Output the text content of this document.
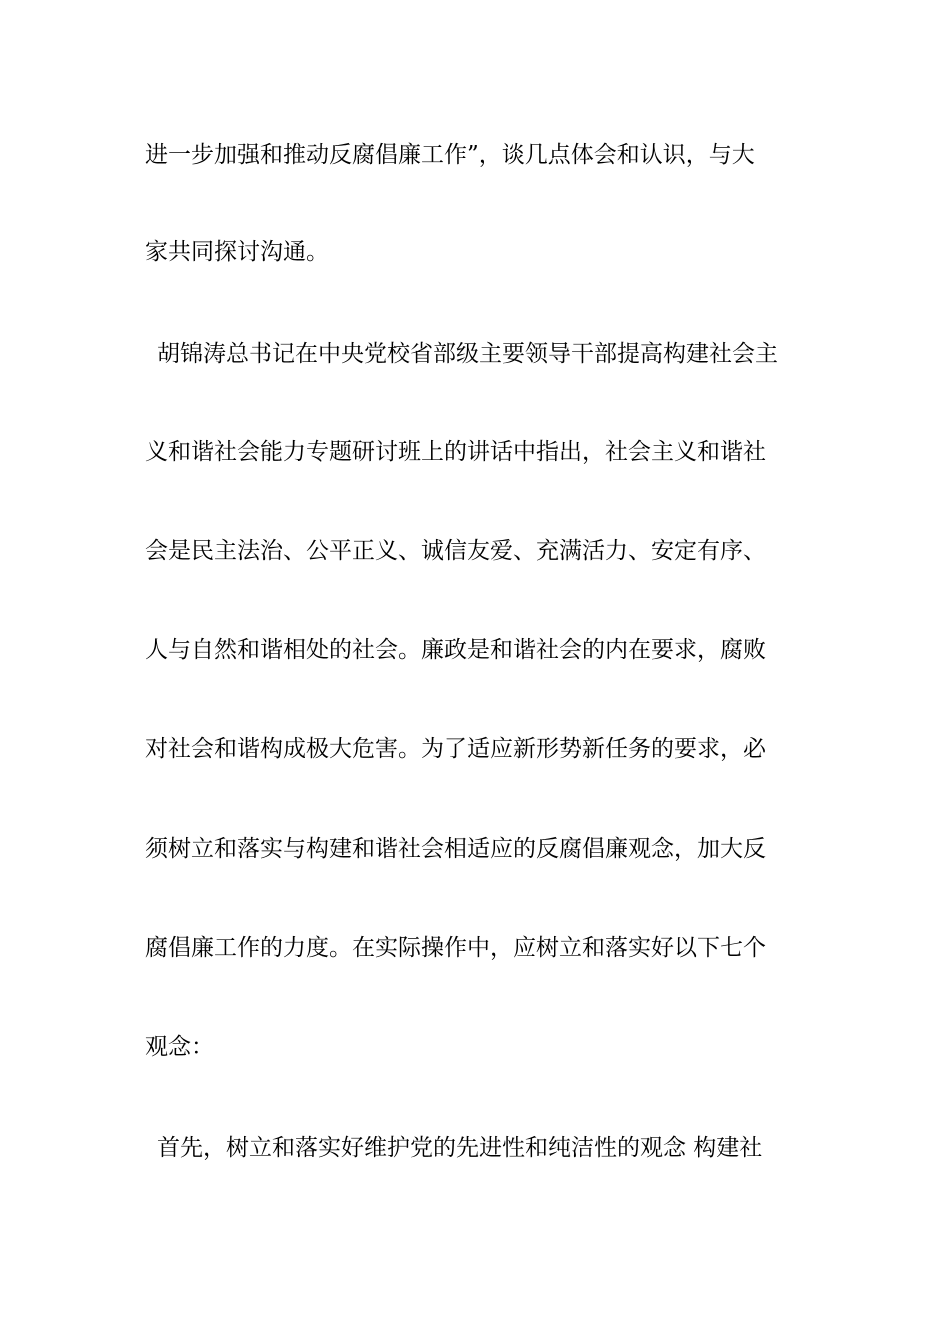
进一步加强和推动反腐倡廉工作”，谈几点体会和认识，与大
家共同探讨沟通。
胡锦涛总书记在中央党校省部级主要领导干部提高构建社会主
义和谐社会能力专题研讨班上的讲话中指出，社会主义和谐社
会是民主法治、公平正义、诚信友爱、充满活力、安定有序、
人与自然和谐相处的社会。廉政是和谐社会的内在要求，腐败
对社会和谐构成极大危害。为了适应新形势新任务的要求，必
须树立和落实与构建和谐社会相适应的反腐倡廉观念，加大反
腐倡廉工作的力度。在实际操作中，应树立和落实好以下七个
观念：
首先，树立和落实好维护党的先进性和纯洁性的观念 构建社
